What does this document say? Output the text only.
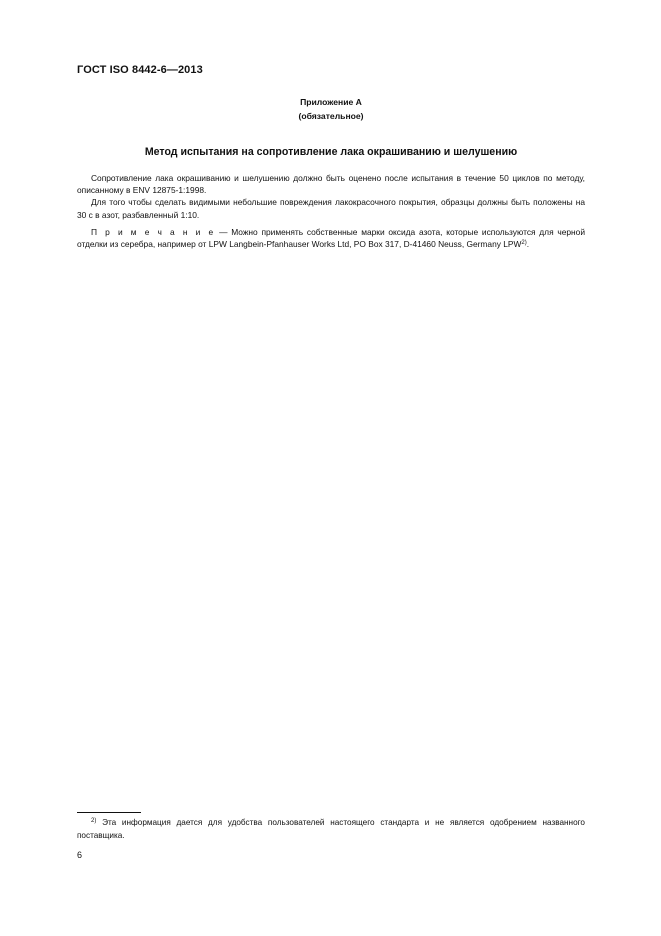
ГОСТ ISO 8442-6—2013
Приложение А
(обязательное)
Метод испытания на сопротивление лака окрашиванию и шелушению

Сопротивление лака окрашиванию и шелушению должно быть оценено после испытания в течение 50 циклов по методу, описанному в ENV 12875-1:1998.

Для того чтобы сделать видимыми небольшие повреждения лакокрасочного покрытия, образцы должны быть положены на 30 с в азот, разбавленный 1:10.

П р и м е ч а н и е — Можно применять собственные марки оксида азота, которые используются для черной отделки из серебра, например от LPW Langbein-Pfanhauser Works Ltd, PO Box 317, D-41460 Neuss, Germany LPW$^{2)}$.

$^{2)}$ Эта информация дается для удобства пользователей настоящего стандарта и не является одобрением названного поставщика.
6
